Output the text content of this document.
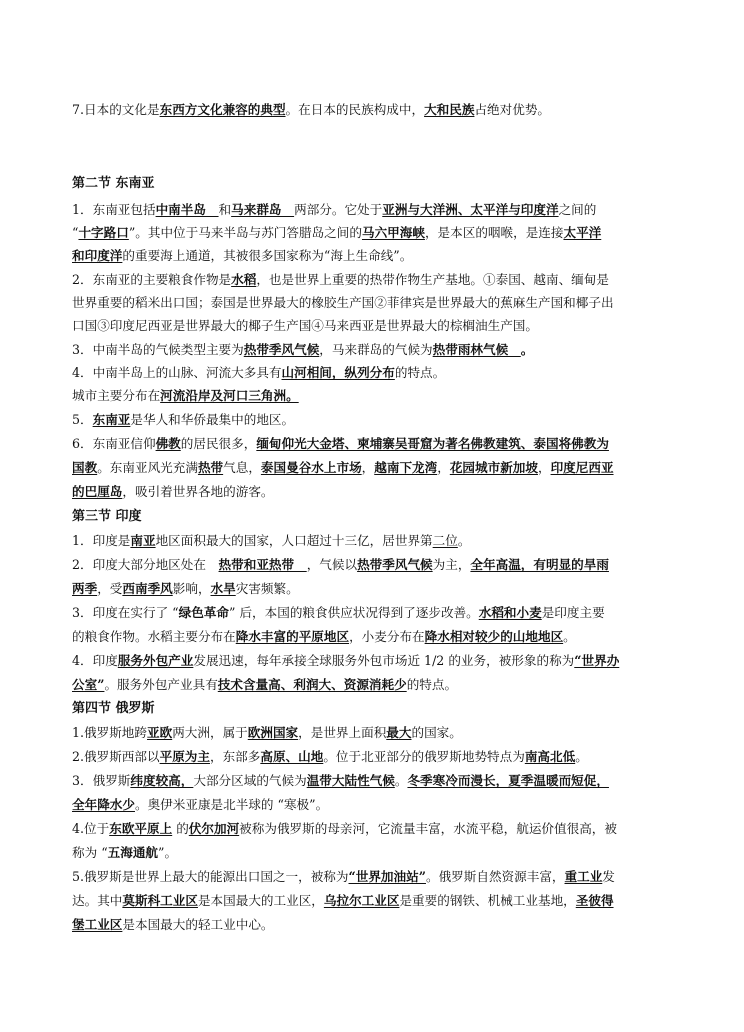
7.日本的文化是东西方文化兼容的典型。在日本的民族构成中，大和民族占绝对优势。
第二节 东南亚
1．东南亚包括中南半岛　和马来群岛　两部分。它处于亚洲与大洋洲、太平洋与印度洋之间的
“十字路口”。其中位于马来半岛与苏门答腊岛之间的马六甲海峡，是本区的咽喉，是连接太平洋
和印度洋的重要海上通道，其被很多国家称为“海上生命线”。
2．东南亚的主要粮食作物是水稻，也是世界上重要的热带作物生产基地。①泰国、越南、缅甸是
世界重要的稻米出口国；泰国是世界最大的橡胶生产国②菲律宾是世界最大的蕉麻生产国和椰子出
口国③印度尼西亚是世界最大的椰子生产国④马来西亚是世界最大的棕榈油生产国。
3．中南半岛的气候类型主要为热带季风气候，马来群岛的气候为热带雨林气候　。
4．中南半岛上的山脉、河流大多具有山河相间，纵列分布的特点。
城市主要分布在河流沿岸及河口三角洲。
5．东南亚是华人和华侨最集中的地区。
6．东南亚信仰佛教的居民很多，缅甸仰光大金塔、柬埔寨吴哥窟为著名佛教建筑、泰国将佛教为
国教。东南亚风光充满热带气息，泰国曼谷水上市场，越南下龙湾，花园城市新加坡，印度尼西亚
的巴厘岛，吸引着世界各地的游客。
第三节 印度
1．印度是南亚地区面积最大的国家，人口超过十三亿，居世界第二位。
2．印度大部分地区处在　热带和亚热带　，气候以热带季风气候为主，全年高温，有明显的旱雨
两季，受西南季风影响，水旱灾害频繁。
3．印度在实行了 “绿色革命” 后，本国的粮食供应状况得到了逐步改善。水稻和小麦是印度主要
的粮食作物。水稻主要分布在降水丰富的平原地区，小麦分布在降水相对较少的山地地区。
4．印度服务外包产业发展迅速，每年承接全球服务外包市场近 1/2 的业务，被形象的称为“世界办
公室”。服务外包产业具有技术含量高、利润大、资源消耗少的特点。
第四节 俄罗斯
1.俄罗斯地跨亚欧两大洲，属于欧洲国家，是世界上面积最大的国家。
2.俄罗斯西部以平原为主，东部多高原、山地。位于北亚部分的俄罗斯地势特点为南高北低。
3．俄罗斯纬度较高，大部分区域的气候为温带大陆性气候。冬季寒冷而漫长，夏季温暖而短促，
全年降水少。奥伊米亚康是北半球的 “寒极”。
4.位于东欧平原上 的伏尔加河被称为俄罗斯的母亲河，它流量丰富，水流平稳，航运价值很高，被
称为 “五海通航”。
5.俄罗斯是世界上最大的能源出口国之一，被称为“世界加油站”。俄罗斯自然资源丰富，重工业发
达。其中莫斯科工业区是本国最大的工业区，乌拉尔工业区是重要的钢铁、机械工业基地，圣彼得
堡工业区是本国最大的轻工业中心。
